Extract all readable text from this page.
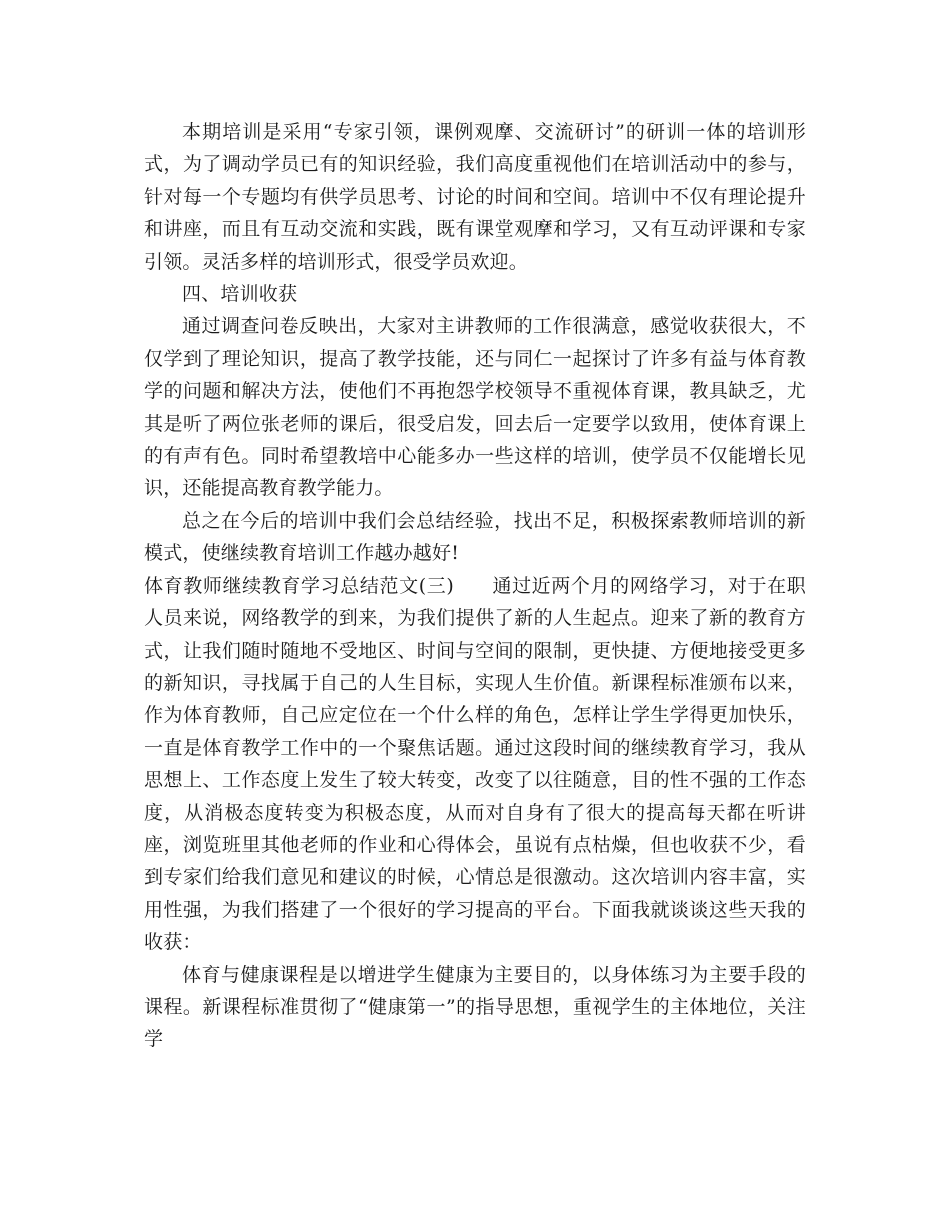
本期培训是采用“专家引领，课例观摩、交流研讨”的研训一体的培训形式，为了调动学员已有的知识经验，我们高度重视他们在培训活动中的参与，针对每一个专题均有供学员思考、讨论的时间和空间。培训中不仅有理论提升和讲座，而且有互动交流和实践，既有课堂观摩和学习，又有互动评课和专家引领。灵活多样的培训形式，很受学员欢迎。

四、培训收获

通过调查问卷反映出，大家对主讲教师的工作很满意，感觉收获很大，不仅学到了理论知识，提高了教学技能，还与同仁一起探讨了许多有益与体育教学的问题和解决方法，使他们不再抱怨学校领导不重视体育课，教具缺乏，尤其是听了两位张老师的课后，很受启发，回去后一定要学以致用，使体育课上的有声有色。同时希望教培中心能多办一些这样的培训，使学员不仅能增长见识，还能提高教育教学能力。

总之在今后的培训中我们会总结经验，找出不足，积极探索教师培训的新模式，使继续教育培训工作越办越好!

体育教师继续教育学习总结范文(三) 通过近两个月的网络学习，对于在职人员来说，网络教学的到来，为我们提供了新的人生起点。迎来了新的教育方式，让我们随时随地不受地区、时间与空间的限制，更快捷、方便地接受更多的新知识，寻找属于自己的人生目标，实现人生价值。新课程标准颁布以来，作为体育教师，自己应定位在一个什么样的角色，怎样让学生学得更加快乐，一直是体育教学工作中的一个聚焦话题。通过这段时间的继续教育学习，我从思想上、工作态度上发生了较大转变，改变了以往随意，目的性不强的工作态度，从消极态度转变为积极态度，从而对自身有了很大的提高每天都在听讲座，浏览班里其他老师的作业和心得体会，虽说有点枯燥，但也收获不少，看到专家们给我们意见和建议的时候，心情总是很激动。这次培训内容丰富，实用性强，为我们搭建了一个很好的学习提高的平台。下面我就谈谈这些天我的收获：

体育与健康课程是以增进学生健康为主要目的，以身体练习为主要手段的课程。新课程标准贯彻了“健康第一”的指导思想，重视学生的主体地位，关注学
